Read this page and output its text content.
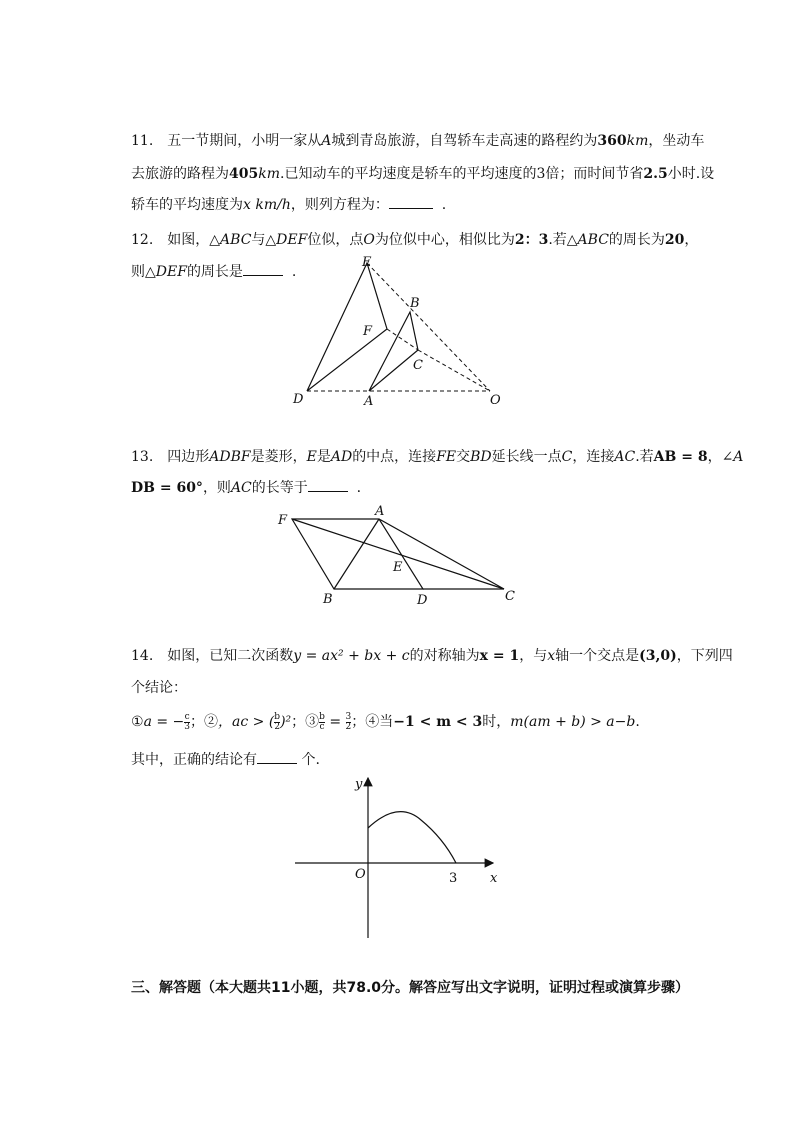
11.　五一节期间，小明一家从A城到青岛旅游，自驾轿车走高速的路程约为360km，坐动车
去旅游的路程为405km.已知动车的平均速度是轿车的平均速度的3倍；而时间节省2.5小时.设
轿车的平均速度为x km/h，则列方程为：	.
12.　如图，△ABC与△DEF位似，点O为位似中心，相似比为2：3.若△ABC的周长为20，
则△DEF的周长是	.
E
B
F
C
D	A	O
13.　四边形ADBF是菱形，E是AD的中点，连接FE交BD延长线一点C，连接AC.若AB = 8，∠A
DB = 60°，则AC的长等于	.
F
A
E
B	D	C
14.　如图，已知二次函数y = ax² + bx + c的对称轴为x = 1，与x轴一个交点是(3,0)，下列四
个结论：
①a = − $\frac{c}{3}$ ；②，ac > ( $\frac{b}{2} )^2$；③ $\frac{b}{c} = \frac{3}{2}$ ；④当−1 < m < 3时，m(am + b) > a−b.
其中，正确的结论有	个.
y
O	3	x
三、解答题（本大题共11小题，共78.0分。解答应写出文字说明，证明过程或演算步骤）
